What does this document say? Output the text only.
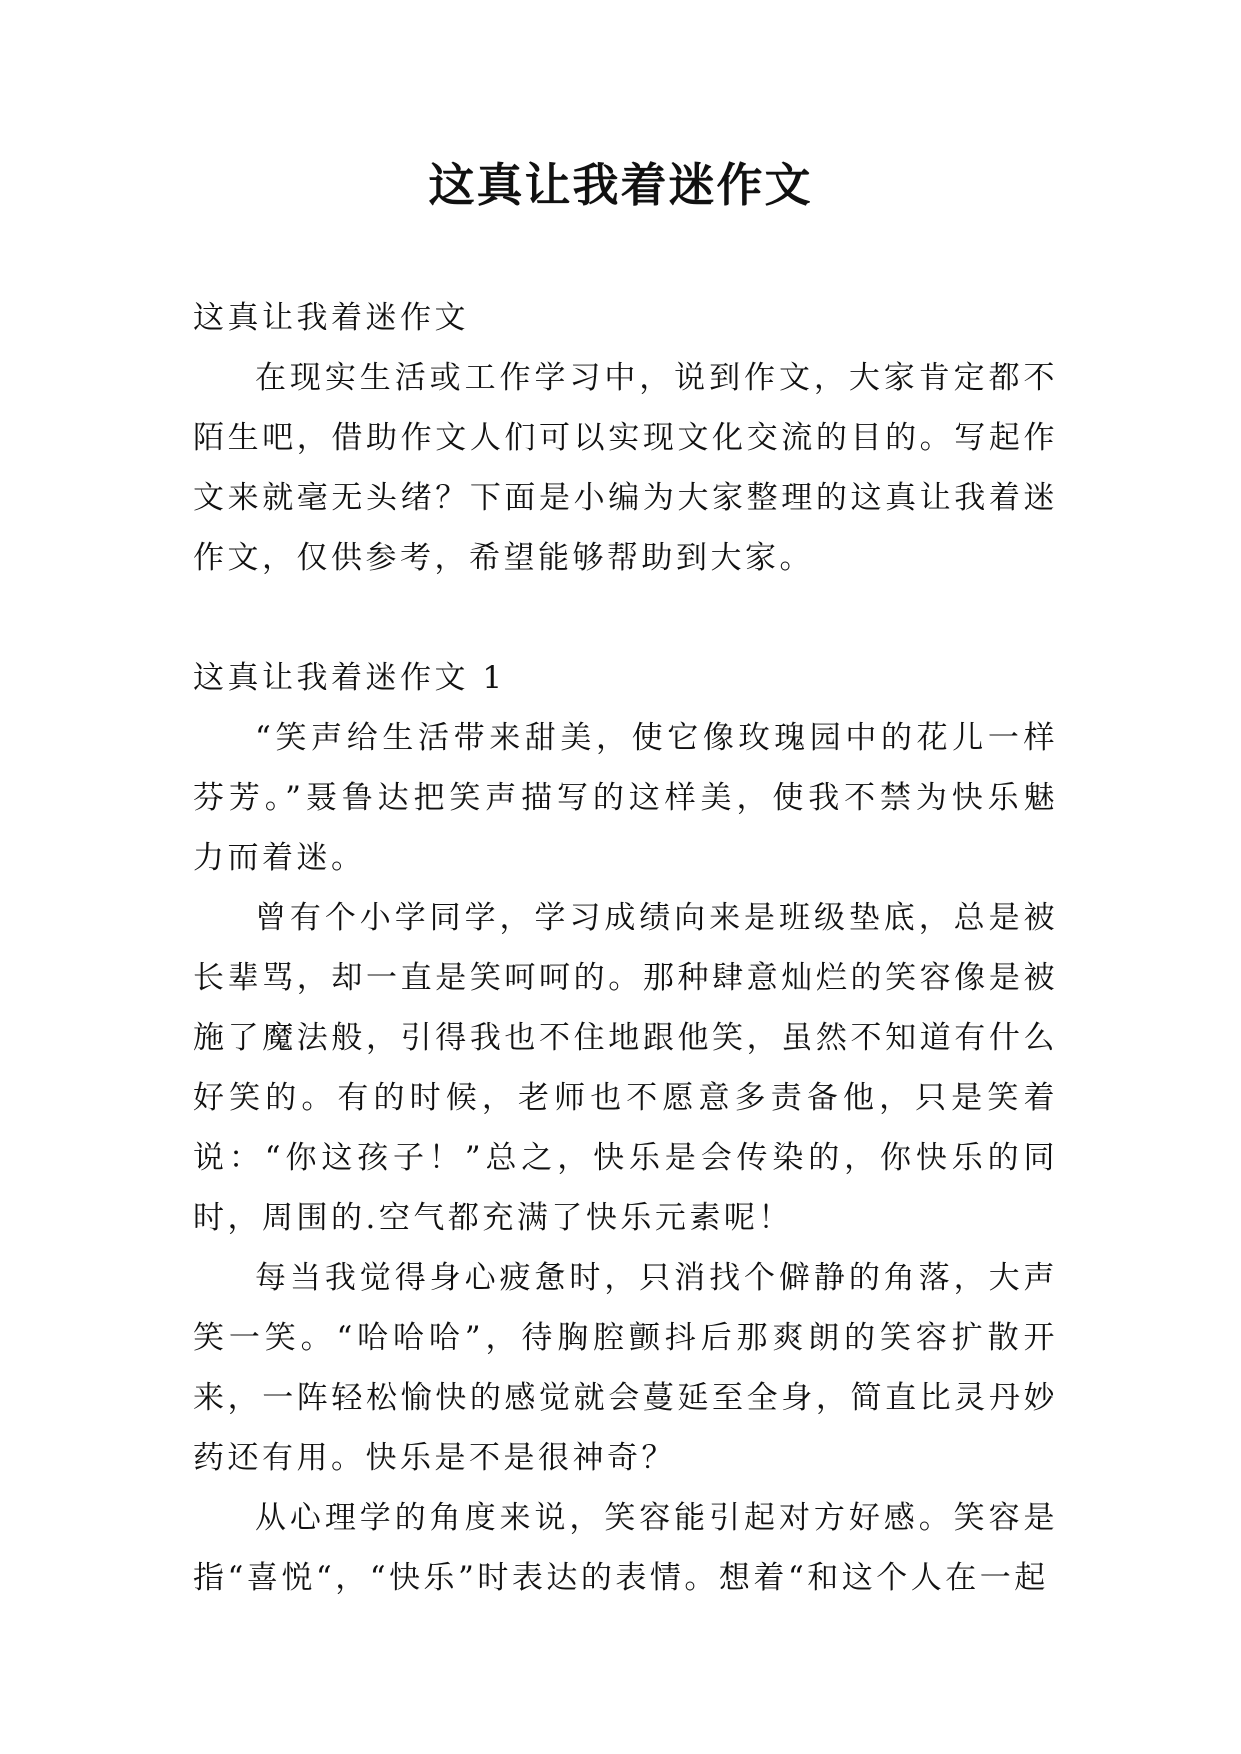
这真让我着迷作文

这真让我着迷作文

在现实生活或工作学习中，说到作文，大家肯定都不陌生吧，借助作文人们可以实现文化交流的目的。写起作文来就毫无头绪？下面是小编为大家整理的这真让我着迷作文，仅供参考，希望能够帮助到大家。

这真让我着迷作文 1

“笑声给生活带来甜美，使它像玫瑰园中的花儿一样芬芳。”聂鲁达把笑声描写的这样美，使我不禁为快乐魅力而着迷。

曾有个小学同学，学习成绩向来是班级垫底，总是被长辈骂，却一直是笑呵呵的。那种肆意灿烂的笑容像是被施了魔法般，引得我也不住地跟他笑，虽然不知道有什么好笑的。有的时候，老师也不愿意多责备他，只是笑着说：“你这孩子！”总之，快乐是会传染的，你快乐的同时，周围的.空气都充满了快乐元素呢！

每当我觉得身心疲惫时，只消找个僻静的角落，大声笑一笑。“哈哈哈”，待胸腔颤抖后那爽朗的笑容扩散开来，一阵轻松愉快的感觉就会蔓延至全身，简直比灵丹妙药还有用。快乐是不是很神奇？

从心理学的角度来说，笑容能引起对方好感。笑容是指“喜悦“，“快乐”时表达的表情。想着“和这个人在一起
